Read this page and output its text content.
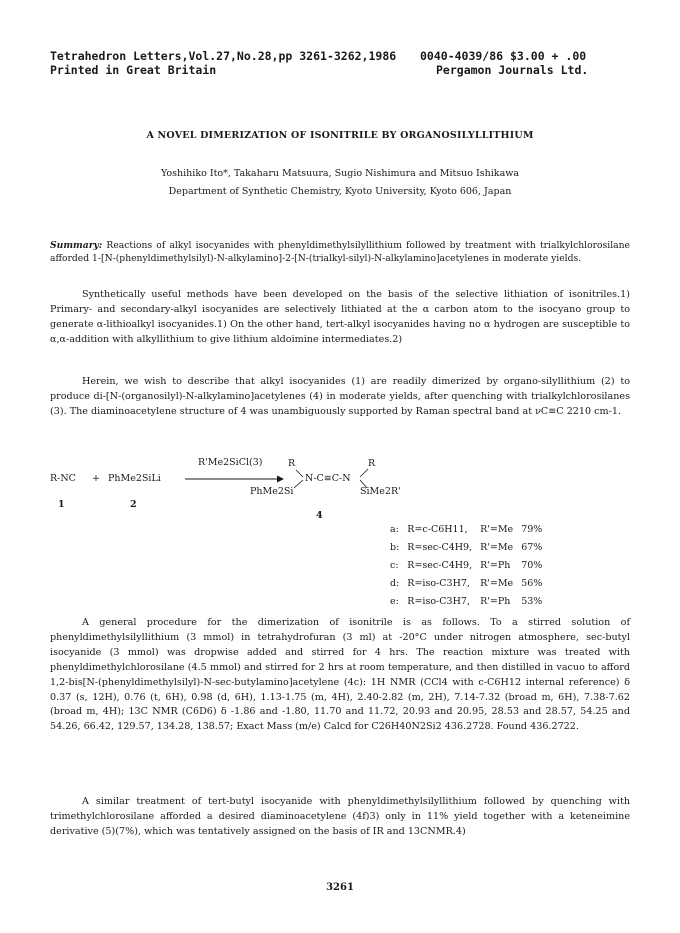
Tetrahedron Letters,Vol.27,No.28,pp 3261-3262,1986 0040-4039/86 $3.00 + .00
Printed in Great Britain	Pergamon Journals Ltd.
A NOVEL DIMERIZATION OF ISONITRILE BY ORGANOSILYLLITHIUM
Yoshihiko Ito*, Takaharu Matsuura, Sugio Nishimura and Mitsuo Ishikawa
Department of Synthetic Chemistry, Kyoto University, Kyoto 606, Japan
Summary: Reactions of alkyl isocyanides with phenyldimethylsilyllithium followed by treatment with trialkylchlorosilane afforded 1-[N-(phenyldimethylsilyl)-N-alkylamino]-2-[N-(trialkyl-silyl)-N-alkylamino]acetylenes in moderate yields.

Synthetically useful methods have been developed on the basis of the selective lithiation of isonitriles.1) Primary- and secondary-alkyl isocyanides are selectively lithiated at the α carbon atom to the isocyano group to generate α-lithioalkyl isocyanides.1) On the other hand, tert-alkyl isocyanides having no α hydrogen are susceptible to α,α-addition with alkyllithium to give lithium aldoimine intermediates.2)

Herein, we wish to describe that alkyl isocyanides (1) are readily dimerized by organo-silyllithium (2) to produce di-[N-(organosilyl)-N-alkylamino]acetylenes (4) in moderate yields, after quenching with trialkylchlorosilanes (3). The diaminoacetylene structure of 4 was unambiguously supported by Raman spectral band at νC≡C 2210 cm-1.

R-NC + PhMe2SiLi
R'Me2SiCl(3)
1	2
R
PhMe2Si
N-C≡C-N
R
SiMe2R'
4
a:	R=c-C6H11,	R'=Me	79%
b:	R=sec-C4H9,	R'=Me	67%
c:	R=sec-C4H9,	R'=Ph	70%
d:	R=iso-C3H7,	R'=Me	56%
e:	R=iso-C3H7,	R'=Ph	53%

A general procedure for the dimerization of isonitrile is as follows. To a stirred solution of phenyldimethylsilyllithium (3 mmol) in tetrahydrofuran (3 ml) at -20°C under nitrogen atmosphere, sec-butyl isocyanide (3 mmol) was dropwise added and stirred for 4 hrs. The reaction mixture was treated with phenyldimethylchlorosilane (4.5 mmol) and stirred for 2 hrs at room temperature, and then distilled in vacuo to afford 1,2-bis[N-(phenyldimethylsilyl)-N-sec-butylamino]acetylene (4c): 1H NMR (CCl4 with c-C6H12 internal reference) δ 0.37 (s, 12H), 0.76 (t, 6H), 0.98 (d, 6H), 1.13-1.75 (m, 4H), 2.40-2.82 (m, 2H), 7.14-7.32 (broad m, 6H), 7.38-7.62 (broad m, 4H); 13C NMR (C6D6) δ -1.86 and -1.80, 11.70 and 11.72, 20.93 and 20.95, 28.53 and 28.57, 54.25 and 54.26, 66.42, 129.57, 134.28, 138.57; Exact Mass (m/e) Calcd for C26H40N2Si2 436.2728. Found 436.2722.

A similar treatment of tert-butyl isocyanide with phenyldimethylsilyllithium followed by quenching with trimethylchlorosilane afforded a desired diaminoacetylene (4f)3) only in 11% yield together with a keteneimine derivative (5)(7%), which was tentatively assigned on the basis of IR and 13CNMR.4)

3261
